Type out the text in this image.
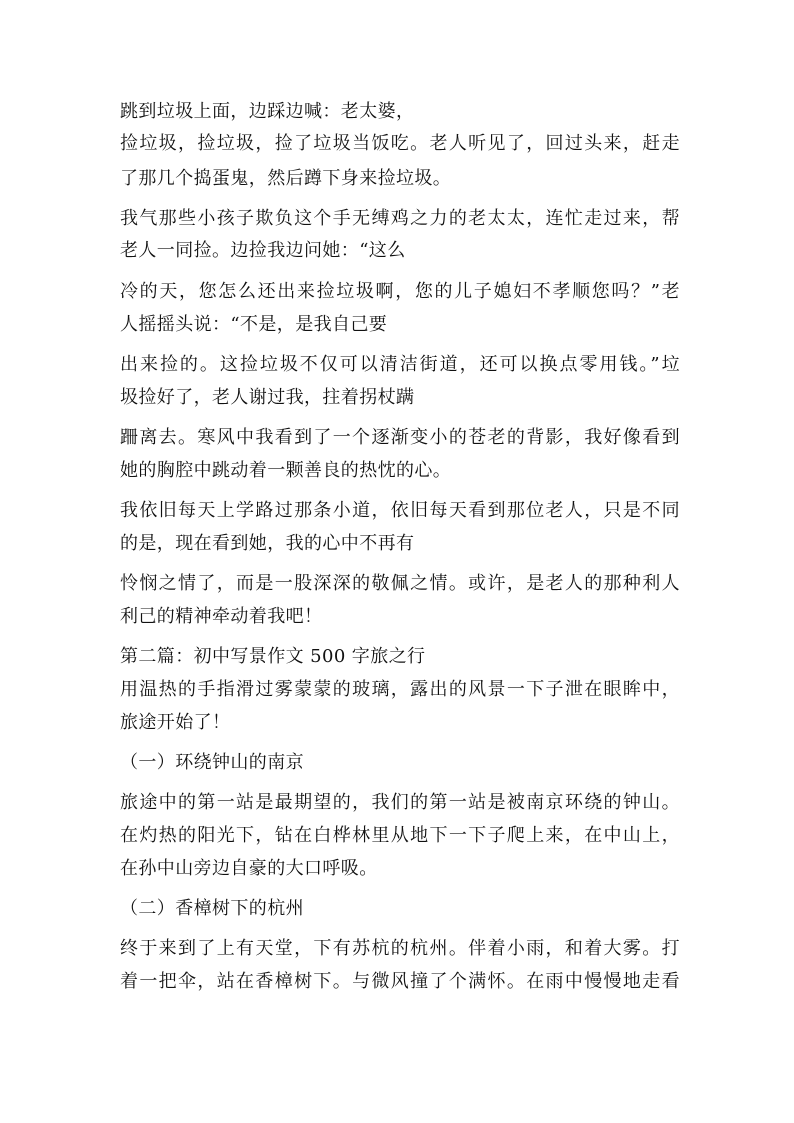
跳到垃圾上面，边踩边喊：老太婆，
捡垃圾，捡垃圾，捡了垃圾当饭吃。老人听见了，回过头来，赶走
了那几个捣蛋鬼，然后蹲下身来捡垃圾。
我气那些小孩子欺负这个手无缚鸡之力的老太太，连忙走过来，帮
老人一同捡。边捡我边问她：“这么
冷的天，您怎么还出来捡垃圾啊，您的儿子媳妇不孝顺您吗？”老
人摇摇头说：“不是，是我自己要
出来捡的。这捡垃圾不仅可以清洁街道，还可以换点零用钱。”垃
圾捡好了，老人谢过我，拄着拐杖蹒
跚离去。寒风中我看到了一个逐渐变小的苍老的背影，我好像看到
她的胸腔中跳动着一颗善良的热忱的心。
我依旧每天上学路过那条小道，依旧每天看到那位老人，只是不同
的是，现在看到她，我的心中不再有
怜悯之情了，而是一股深深的敬佩之情。或许，是老人的那种利人
利己的精神牵动着我吧！
第二篇：初中写景作文 500 字旅之行
用温热的手指滑过雾蒙蒙的玻璃，露出的风景一下子泄在眼眸中，
旅途开始了！
（一）环绕钟山的南京
旅途中的第一站是最期望的，我们的第一站是被南京环绕的钟山。
在灼热的阳光下，钻在白桦林里从地下一下子爬上来，在中山上，
在孙中山旁边自豪的大口呼吸。
（二）香樟树下的杭州
终于来到了上有天堂，下有苏杭的杭州。伴着小雨，和着大雾。打
着一把伞，站在香樟树下。与微风撞了个满怀。在雨中慢慢地走看
